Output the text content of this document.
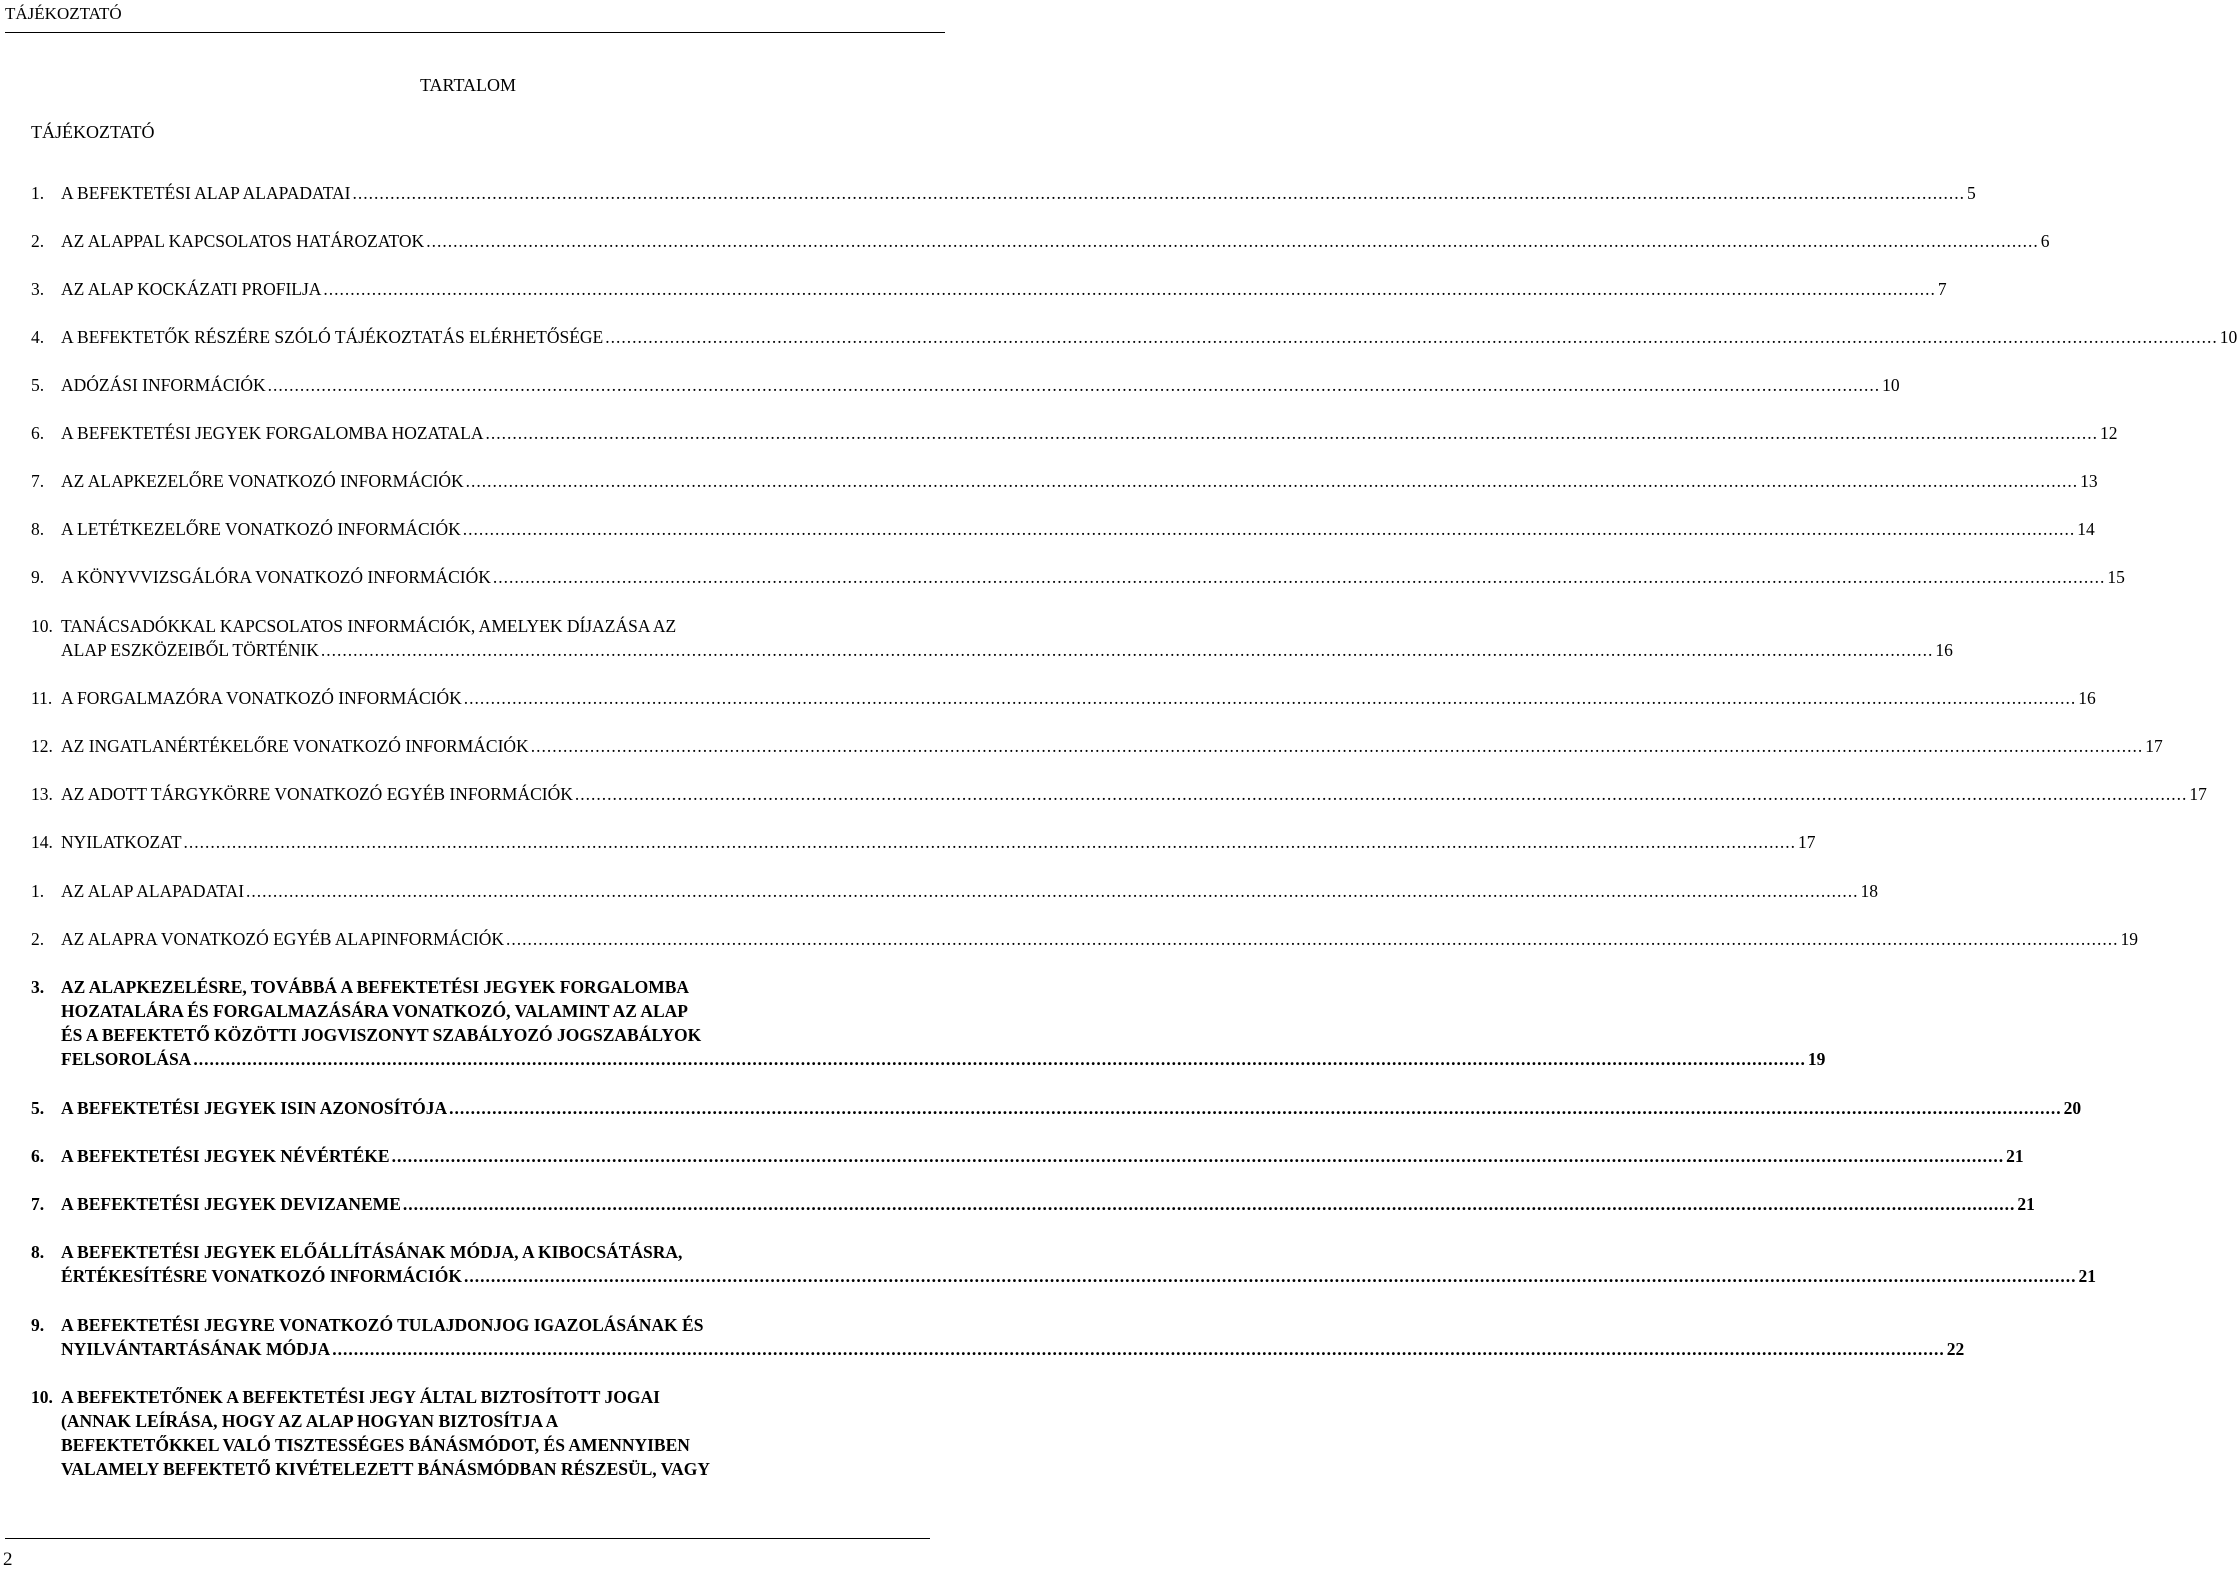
TÁJÉKOZTATÓ
TARTALOM
TÁJÉKOZTATÓ
1. A BEFEKTETÉSI ALAP ALAPADATAI ............................................................................................................................................................................................................................................................................................................ 5
2. AZ ALAPPAL KAPCSOLATOS HATÁROZATOK ............................................................................................................................................................................................................................................................................................................ 6
3. AZ ALAP KOCKÁZATI PROFILJA ............................................................................................................................................................................................................................................................................................................ 7
4. A BEFEKTETŐK RÉSZÉRE SZÓLÓ TÁJÉKOZTATÁS ELÉRHETŐSÉGE ............................................................................................................................................................................................................................................................................................................ 10
5. ADÓZÁSI INFORMÁCIÓK ............................................................................................................................................................................................................................................................................................................ 10
6. A BEFEKTETÉSI JEGYEK FORGALOMBA HOZATALA ............................................................................................................................................................................................................................................................................................................ 12
7. AZ ALAPKEZELŐRE VONATKOZÓ INFORMÁCIÓK ............................................................................................................................................................................................................................................................................................................ 13
8. A LETÉTKEZELŐRE VONATKOZÓ INFORMÁCIÓK ............................................................................................................................................................................................................................................................................................................ 14
9. A KÖNYVVIZSGÁLÓRA VONATKOZÓ INFORMÁCIÓK ............................................................................................................................................................................................................................................................................................................ 15
10. TANÁCSADÓKKAL KAPCSOLATOS INFORMÁCIÓK, AMELYEK DÍJAZÁSA AZ
ALAP ESZKÖZEIBŐL TÖRTÉNIK ............................................................................................................................................................................................................................................................................................................ 16
11. A FORGALMAZÓRA VONATKOZÓ INFORMÁCIÓK ............................................................................................................................................................................................................................................................................................................ 16
12. AZ INGATLANÉRTÉKELŐRE VONATKOZÓ INFORMÁCIÓK ............................................................................................................................................................................................................................................................................................................ 17
13. AZ ADOTT TÁRGYKÖRRE VONATKOZÓ EGYÉB INFORMÁCIÓK ............................................................................................................................................................................................................................................................................................................ 17
14. NYILATKOZAT ............................................................................................................................................................................................................................................................................................................ 17
1. AZ ALAP ALAPADATAI ............................................................................................................................................................................................................................................................................................................ 18
2. AZ ALAPRA VONATKOZÓ EGYÉB ALAPINFORMÁCIÓK ............................................................................................................................................................................................................................................................................................................ 19
3. AZ ALAPKEZELÉSRE, TOVÁBBÁ A BEFEKTETÉSI JEGYEK FORGALOMBA
HOZATALÁRA ÉS FORGALMAZÁSÁRA VONATKOZÓ, VALAMINT AZ ALAP
ÉS A BEFEKTETŐ KÖZÖTTI JOGVISZONYT SZABÁLYOZÓ JOGSZABÁLYOK
FELSOROLÁSA ............................................................................................................................................................................................................................................................................................................ 19
5. A BEFEKTETÉSI JEGYEK ISIN AZONOSÍTÓJA ............................................................................................................................................................................................................................................................................................................ 20
6. A BEFEKTETÉSI JEGYEK NÉVÉRTÉKE ............................................................................................................................................................................................................................................................................................................ 21
7. A BEFEKTETÉSI JEGYEK DEVIZANEME ............................................................................................................................................................................................................................................................................................................ 21
8. A BEFEKTETÉSI JEGYEK ELŐÁLLÍTÁSÁNAK MÓDJA, A KIBOCSÁTÁSRA,
ÉRTÉKESÍTÉSRE VONATKOZÓ INFORMÁCIÓK ............................................................................................................................................................................................................................................................................................................ 21
9. A BEFEKTETÉSI JEGYRE VONATKOZÓ TULAJDONJOG IGAZOLÁSÁNAK ÉS
NYILVÁNTARTÁSÁNAK MÓDJA ............................................................................................................................................................................................................................................................................................................ 22
10. A BEFEKTETŐNEK A BEFEKTETÉSI JEGY ÁLTAL BIZTOSÍTOTT JOGAI
(ANNAK LEÍRÁSA, HOGY AZ ALAP HOGYAN BIZTOSÍTJA A
BEFEKTETŐKKEL VALÓ TISZTESSÉGES BÁNÁSMÓDOT, ÉS AMENNYIBEN
VALAMELY BEFEKTETŐ KIVÉTELEZETT BÁNÁSMÓDBAN RÉSZESÜL, VAGY
2
